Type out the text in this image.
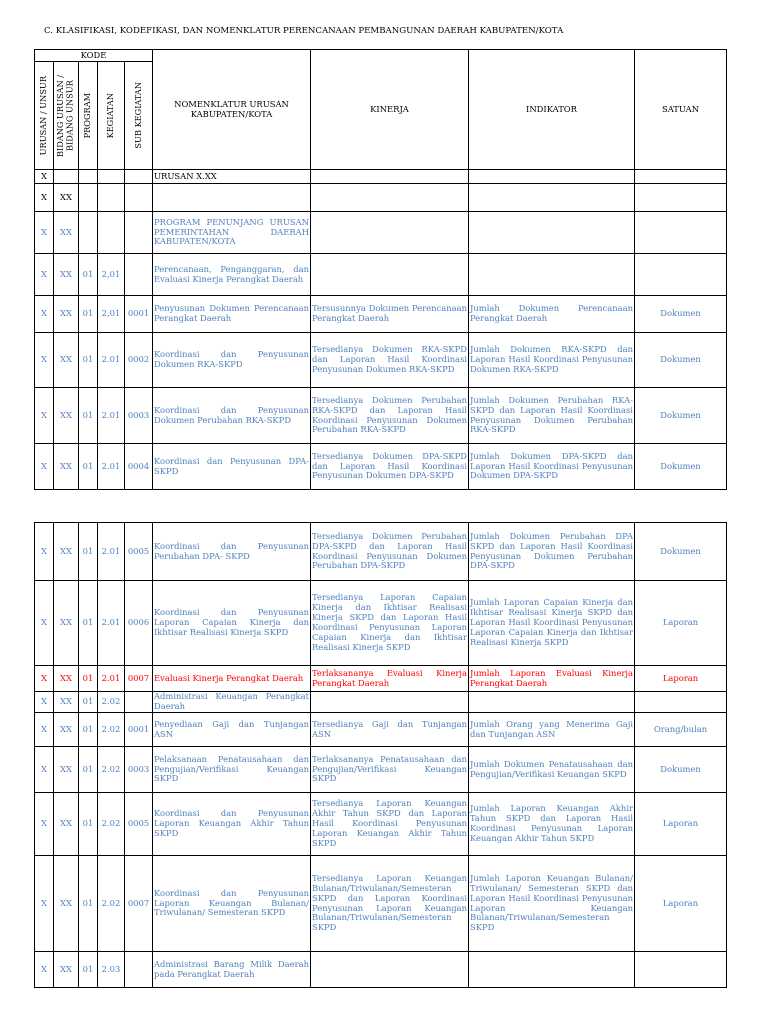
C. KLASIFIKASI, KODEFIKASI, DAN NOMENKLATUR PERENCANAAN PEMBANGUNAN DAERAH KABUPATEN/KOTA
KODE					NOMENKLATUR URUSAN KABUPATEN/KOTA	KINERJA	INDIKATOR	SATUAN

URUSAN / UNSUR	BIDANG URUSAN / BIDANG UNSUR	PROGRAM	KEGIATAN	SUB KEGIATAN				

X					URUSAN X.XX			
X	XX							
X	XX				PROGRAM PENUNJANG URUSAN PEMERINTAHAN DAERAH KABUPATEN/KOTA			
X	XX	01	2,01		Perencanaan, Penganggaran, dan Evaluasi Kinerja Perangkat Daerah			
X	XX	01	2,01	0001	Penyusunan Dokumen Perencanaan Perangkat Daerah	Tersusunnya Dokumen Perencanaan Perangkat Daerah	Jumlah Dokumen Perencanaan Perangkat Daerah	Dokumen
X	XX	01	2.01	0002	Koordinasi dan Penyusunan Dokumen RKA-SKPD	Tersedianya Dokumen RKA-SKPD dan Laporan Hasil Koordinasi Penyusunan Dokumen RKA-SKPD	Jumlah Dokumen RKA-SKPD dan Laporan Hasil Koordinasi Penyusunan Dokumen RKA-SKPD	Dokumen
X	XX	01	2.01	0003	Koordinasi dan Penyusunan Dokumen Perubahan RKA-SKPD	Tersedianya Dokumen Perubahan RKA-SKPD dan Laporan Hasil Koordinasi Penyusunan Dokumen Perubahan RKA-SKPD	Jumlah Dokumen Perubahan RKA-SKPD dan Laporan Hasil Koordinasi Penyusunan Dokumen Perubahan RKA-SKPD	Dokumen
X	XX	01	2.01	0004	Koordinasi dan Penyusunan DPA-SKPD	Tersedianya Dokumen DPA-SKPD dan Laporan Hasil Koordinasi Penyusunan Dokumen DPA-SKPD	Jumlah Dokumen DPA-SKPD dan Laporan Hasil Koordinasi Penyusunan Dokumen DPA-SKPD	Dokumen
X	XX	01	2.01	0005	Koordinasi dan Penyusunan Perubahan DPA- SKPD	Tersedianya Dokumen Perubahan DPA-SKPD dan Laporan Hasil Koordinasi Penyusunan Dokumen Perubahan DPA-SKPD	Jumlah Dokumen Perubahan DPA SKPD dan Laporan Hasil Koordinasi Penyusunan Dokumen Perubahan DPA-SKPD	Dokumen
X	XX	01	2.01	0006	Koordinasi dan Penyusunan Laporan Capaian Kinerja dan Ikhtisar Realisasi Kinerja SKPD	Tersedianya Laporan Capaian Kinerja dan Ikhtisar Realisasi Kinerja SKPD dan Laporan Hasil Koordinasi Penyusunan Laporan Capaian Kinerja dan Ikhtisar Realisasi Kinerja SKPD	Jumlah Laporan Capaian Kinerja dan Ikhtisar Realisasi Kinerja SKPD dan Laporan Hasil Koordinasi Penyusunan Laporan Capaian Kinerja dan Ikhtisar Realisasi Kinerja SKPD	Laporan
X	XX	01	2.01	0007	Evaluasi Kinerja Perangkat Daerah	Terlaksananya Evaluasi Kinerja Perangkat Daerah	Jumlah Laporan Evaluasi Kinerja Perangkat Daerah	Laporan
X	XX	01	2.02		Administrasi Keuangan Perangkat Daerah			
X	XX	01	2.02	0001	Penyediaan Gaji dan Tunjangan ASN	Tersedianya Gaji dan Tunjangan ASN	Jumlah Orang yang Menerima Gaji dan Tunjangan ASN	Orang/bulan
X	XX	01	2.02	0003	Pelaksanaan Penatausahaan dan Pengujian/Verifikasi Keuangan SKPD	Terlaksananya Penatausahaan dan Pengujian/Verifikasi Keuangan SKPD	Jumlah Dokumen Penatausahaan dan Pengujian/Verifikasi Keuangan SKPD	Dokumen
X	XX	01	2.02	0005	Koordinasi dan Penyusunan Laporan Keuangan Akhir Tahun SKPD	Tersedianya Laporan Keuangan Akhir Tahun SKPD dan Laporan Hasil Koordinasi Penyusunan Laporan Keuangan Akhir Tahun SKPD	Jumlah Laporan Keuangan Akhir Tahun SKPD dan Laporan Hasil Koordinasi Penyusunan Laporan Keuangan Akhir Tahun SKPD	Laporan
X	XX	01	2.02	0007	Koordinasi dan Penyusunan Laporan Keuangan Bulanan/ Triwulanan/ Semesteran SKPD	Tersedianya Laporan Keuangan Bulanan/Triwulanan/Semesteran SKPD dan Laporan Koordinasi Penyusunan Laporan Keuangan Bulanan/Triwulanan/Semesteran SKPD	Jumlah Laporan Keuangan Bulanan/ Triwulanan/ Semesteran SKPD dan Laporan Hasil Koordinasi Penyusunan Laporan Keuangan Bulanan/Triwulanan/Semesteran SKPD	Laporan
X	XX	01	2.03		Administrasi Barang Milik Daerah pada Perangkat Daerah			
